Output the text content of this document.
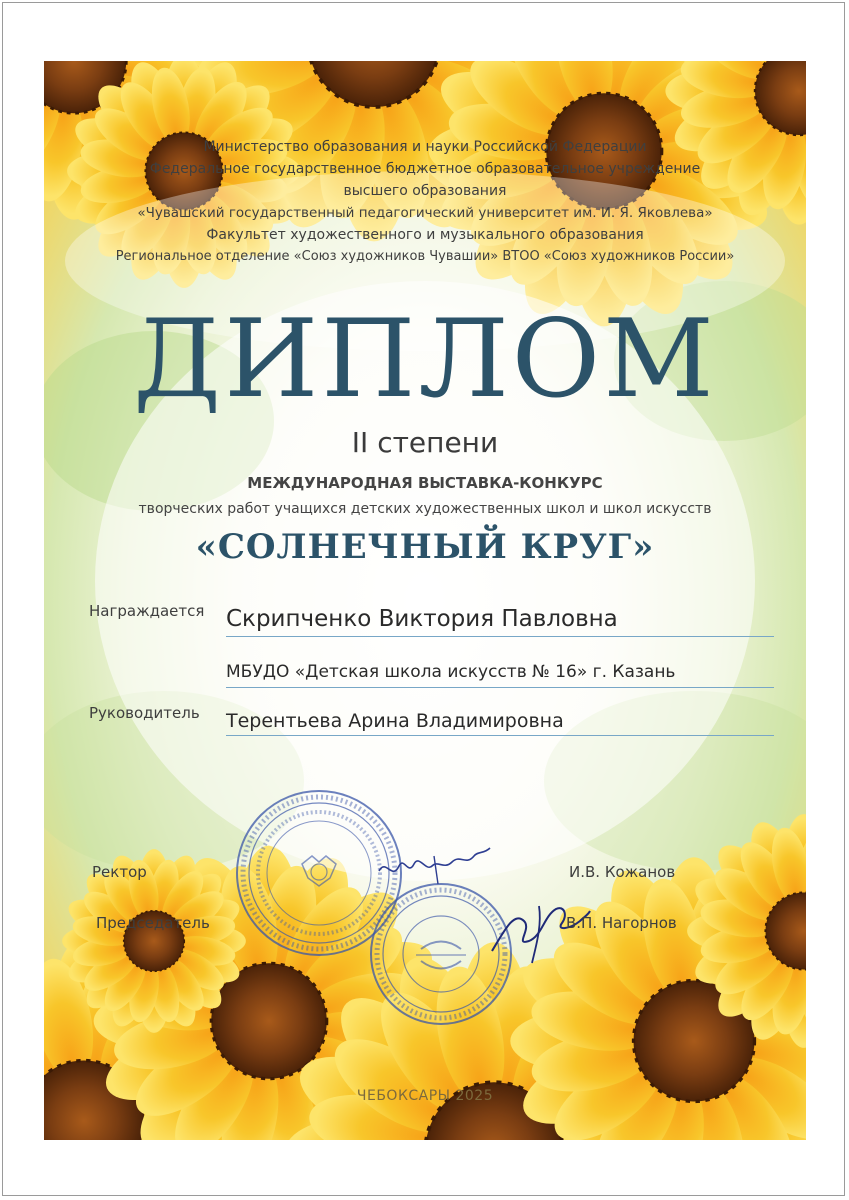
Министерство образования и науки Российской Федерации
Федеральное государственное бюджетное образовательное учреждение
высшего образования
«Чувашский государственный педагогический университет им. И. Я. Яковлева»
Факультет художественного и музыкального образования
Региональное отделение «Союз художников Чувашии» ВТОО «Союз художников России»
ДИПЛОМ
II степени
МЕЖДУНАРОДНАЯ ВЫСТАВКА-КОНКУРС
творческих работ учащихся детских художественных школ и школ искусств
«СОЛНЕЧНЫЙ КРУГ»
Награждается Скрипченко Виктория Павловна
МБУДО «Детская школа искусств № 16» г. Казань
Руководитель Терентьева Арина Владимировна
Ректор	И.В. Кожанов
Председатель	В.П. Нагорнов
ЧЕБОКСАРЫ 2025
